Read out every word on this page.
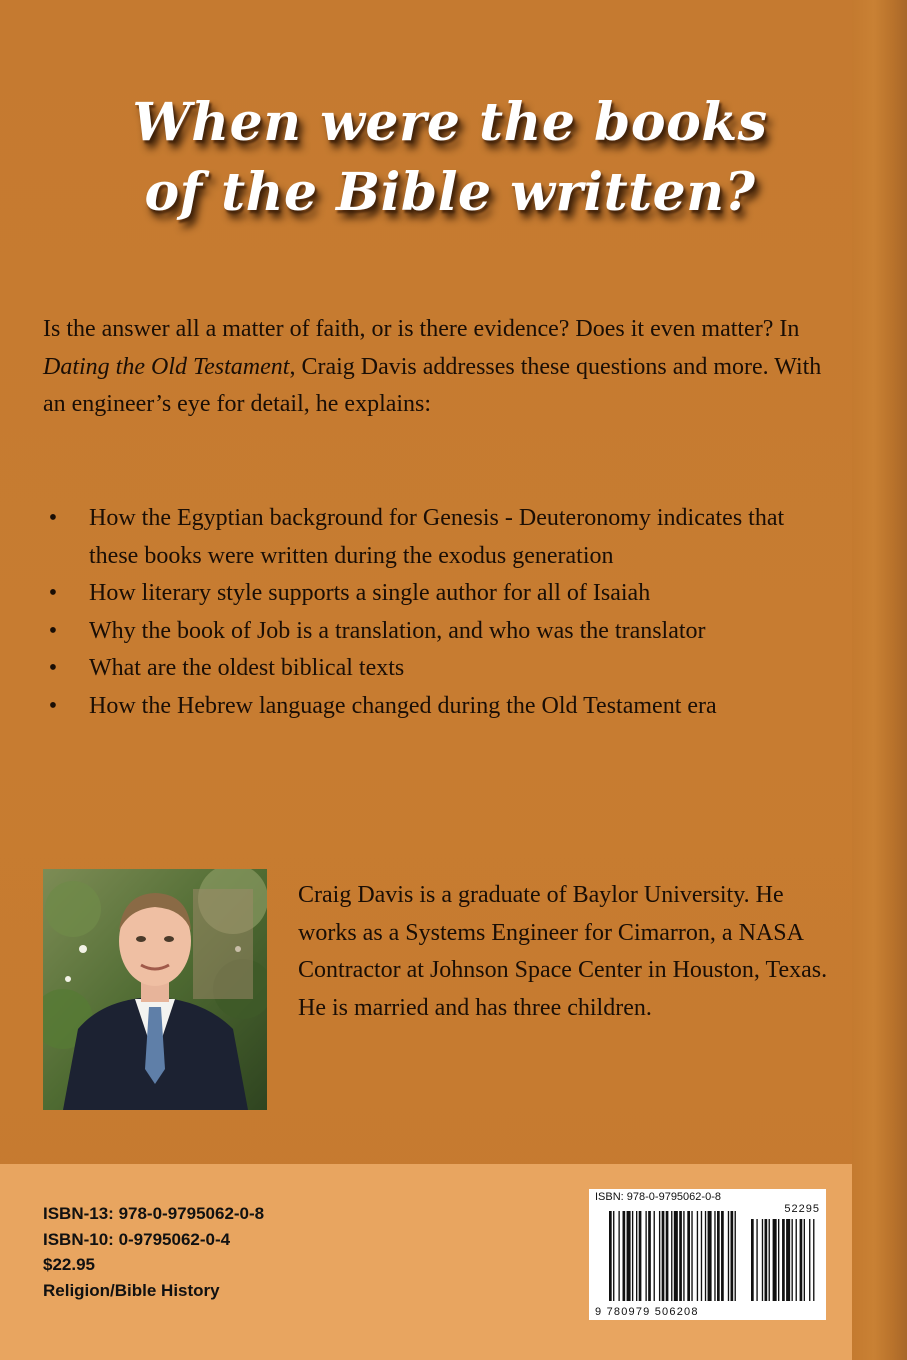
When were the books
of the Bible written?

Is the answer all a matter of faith, or is there evidence? Does it even matter? In Dating the Old Testament, Craig Davis addresses these questions and more. With an engineer’s eye for detail, he explains:

• How the Egyptian background for Genesis - Deuteronomy indicates that these books were written during the exodus generation
• How literary style supports a single author for all of Isaiah
• Why the book of Job is a translation, and who was the translator
• What are the oldest biblical texts
• How the Hebrew language changed during the Old Testament era

Craig Davis is a graduate of Baylor University. He works as a Systems Engineer for Cimarron, a NASA Contractor at Johnson Space Center in Houston, Texas. He is married and has three children.

ISBN-13: 978-0-9795062-0-8
ISBN-10: 0-9795062-0-4
$22.95
Religion/Bible History
ISBN: 978-0-9795062-0-8
52295
9 780979 506208
